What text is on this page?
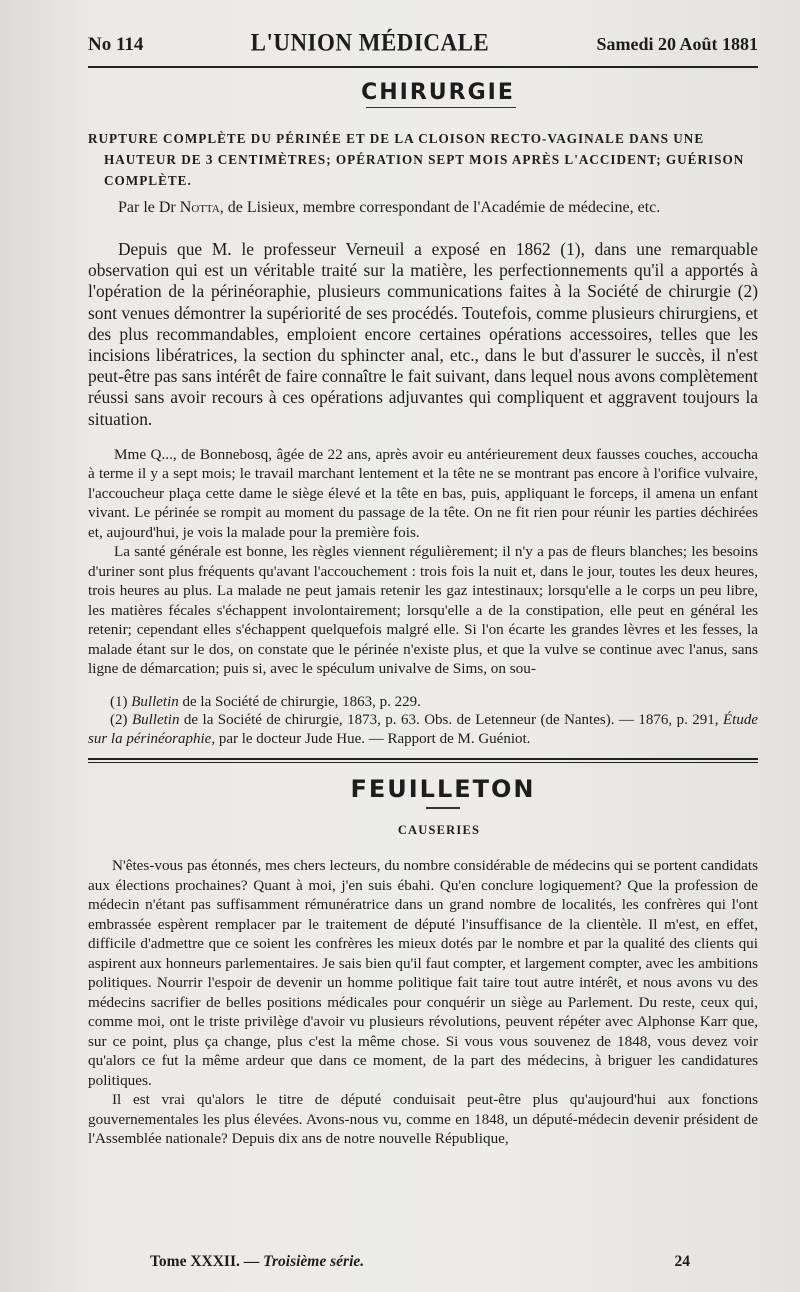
No 114	L'UNION MÉDICALE	Samedi 20 Août 1881
CHIRURGIE

RUPTURE COMPLÈTE DU PÉRINÉE ET DE LA CLOISON RECTO-VAGINALE DANS UNE HAUTEUR DE 3 CENTIMÈTRES; OPÉRATION SEPT MOIS APRÈS L'ACCIDENT; GUÉRISON COMPLÈTE.

Par le Dr Notta, de Lisieux, membre correspondant de l'Académie de médecine, etc.

Depuis que M. le professeur Verneuil a exposé en 1862 (1), dans une remarquable observation qui est un véritable traité sur la matière, les perfectionnements qu'il a apportés à l'opération de la périnéoraphie, plusieurs communications faites à la Société de chirurgie (2) sont venues démontrer la supériorité de ses procédés. Toutefois, comme plusieurs chirurgiens, et des plus recommandables, emploient encore certaines opérations accessoires, telles que les incisions libératrices, la section du sphincter anal, etc., dans le but d'assurer le succès, il n'est peut-être pas sans intérêt de faire connaître le fait suivant, dans lequel nous avons complètement réussi sans avoir recours à ces opérations adjuvantes qui compliquent et aggravent toujours la situation.

Mme Q..., de Bonnebosq, âgée de 22 ans, après avoir eu antérieurement deux fausses couches, accoucha à terme il y a sept mois; le travail marchant lentement et la tête ne se montrant pas encore à l'orifice vulvaire, l'accoucheur plaça cette dame le siège élevé et la tête en bas, puis, appliquant le forceps, il amena un enfant vivant. Le périnée se rompit au moment du passage de la tête. On ne fit rien pour réunir les parties déchirées et, aujourd'hui, je vois la malade pour la première fois.

La santé générale est bonne, les règles viennent régulièrement; il n'y a pas de fleurs blanches; les besoins d'uriner sont plus fréquents qu'avant l'accouchement : trois fois la nuit et, dans le jour, toutes les deux heures, trois heures au plus. La malade ne peut jamais retenir les gaz intestinaux; lorsqu'elle a le corps un peu libre, les matières fécales s'échappent involontairement; lorsqu'elle a de la constipation, elle peut en général les retenir; cependant elles s'échappent quelquefois malgré elle. Si l'on écarte les grandes lèvres et les fesses, la malade étant sur le dos, on constate que le périnée n'existe plus, et que la vulve se continue avec l'anus, sans ligne de démarcation; puis si, avec le spéculum univalve de Sims, on sou-

(1) Bulletin de la Société de chirurgie, 1863, p. 229.

(2) Bulletin de la Société de chirurgie, 1873, p. 63. Obs. de Letenneur (de Nantes). — 1876, p. 291, Étude sur la périnéoraphie, par le docteur Jude Hue. — Rapport de M. Guéniot.

FEUILLETON
CAUSERIES

N'êtes-vous pas étonnés, mes chers lecteurs, du nombre considérable de médecins qui se portent candidats aux élections prochaines? Quant à moi, j'en suis ébahi. Qu'en conclure logiquement? Que la profession de médecin n'étant pas suffisamment rémunératrice dans un grand nombre de localités, les confrères qui l'ont embrassée espèrent remplacer par le traitement de député l'insuffisance de la clientèle. Il m'est, en effet, difficile d'admettre que ce soient les confrères les mieux dotés par le nombre et par la qualité des clients qui aspirent aux honneurs parlementaires. Je sais bien qu'il faut compter, et largement compter, avec les ambitions politiques. Nourrir l'espoir de devenir un homme politique fait taire tout autre intérêt, et nous avons vu des médecins sacrifier de belles positions médicales pour conquérir un siège au Parlement. Du reste, ceux qui, comme moi, ont le triste privilège d'avoir vu plusieurs révolutions, peuvent répéter avec Alphonse Karr que, sur ce point, plus ça change, plus c'est la même chose. Si vous vous souvenez de 1848, vous devez voir qu'alors ce fut la même ardeur que dans ce moment, de la part des médecins, à briguer les candidatures politiques.

Il est vrai qu'alors le titre de député conduisait peut-être plus qu'aujourd'hui aux fonctions gouvernementales les plus élevées. Avons-nous vu, comme en 1848, un député-médecin devenir président de l'Assemblée nationale? Depuis dix ans de notre nouvelle République,

Tome XXXII. — Troisième série.	24
